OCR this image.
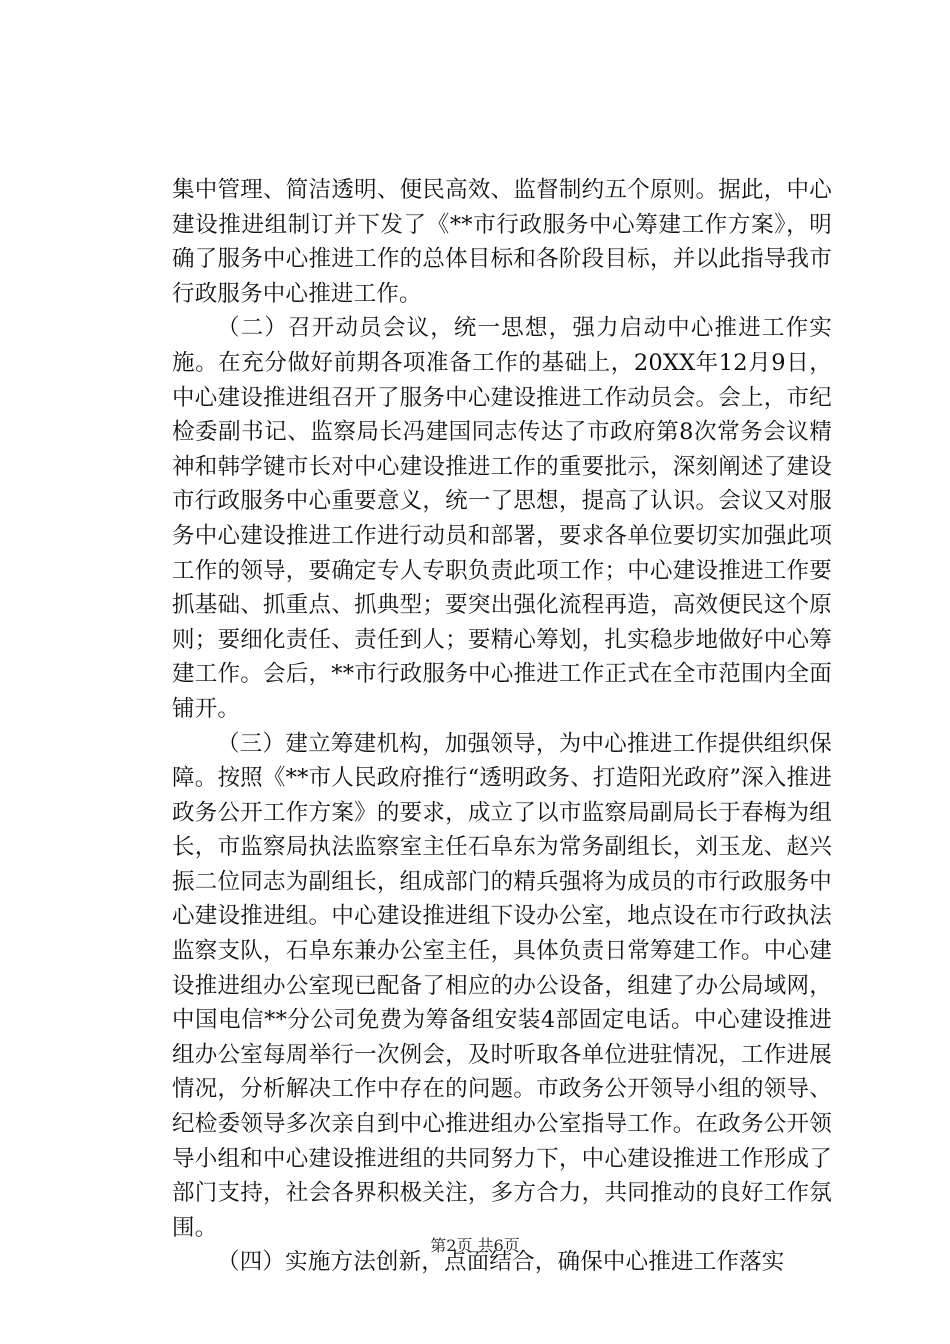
集中管理、简洁透明、便民高效、监督制约五个原则。据此，中心建设推进组制订并下发了《**市行政服务中心筹建工作方案》，明确了服务中心推进工作的总体目标和各阶段目标，并以此指导我市行政服务中心推进工作。

（二）召开动员会议，统一思想，强力启动中心推进工作实施。在充分做好前期各项准备工作的基础上，20XX年12月9日，中心建设推进组召开了服务中心建设推进工作动员会。会上，市纪检委副书记、监察局长冯建国同志传达了市政府第8次常务会议精神和韩学键市长对中心建设推进工作的重要批示，深刻阐述了建设市行政服务中心重要意义，统一了思想，提高了认识。会议又对服务中心建设推进工作进行动员和部署，要求各单位要切实加强此项工作的领导，要确定专人专职负责此项工作；中心建设推进工作要抓基础、抓重点、抓典型；要突出强化流程再造，高效便民这个原则；要细化责任、责任到人；要精心筹划，扎实稳步地做好中心筹建工作。会后，**市行政服务中心推进工作正式在全市范围内全面铺开。

（三）建立筹建机构，加强领导，为中心推进工作提供组织保障。按照《**市人民政府推行“透明政务、打造阳光政府”深入推进政务公开工作方案》的要求，成立了以市监察局副局长于春梅为组长，市监察局执法监察室主任石阜东为常务副组长，刘玉龙、赵兴振二位同志为副组长，组成部门的精兵强将为成员的市行政服务中心建设推进组。中心建设推进组下设办公室，地点设在市行政执法监察支队，石阜东兼办公室主任，具体负责日常筹建工作。中心建设推进组办公室现已配备了相应的办公设备，组建了办公局域网，中国电信**分公司免费为筹备组安装4部固定电话。中心建设推进组办公室每周举行一次例会，及时听取各单位进驻情况，工作进展情况，分析解决工作中存在的问题。市政务公开领导小组的领导、纪检委领导多次亲自到中心推进组办公室指导工作。在政务公开领导小组和中心建设推进组的共同努力下，中心建设推进工作形成了部门支持，社会各界积极关注，多方合力，共同推动的良好工作氛围。

（四）实施方法创新，点面结合，确保中心推进工作落实

第2页 共6页
